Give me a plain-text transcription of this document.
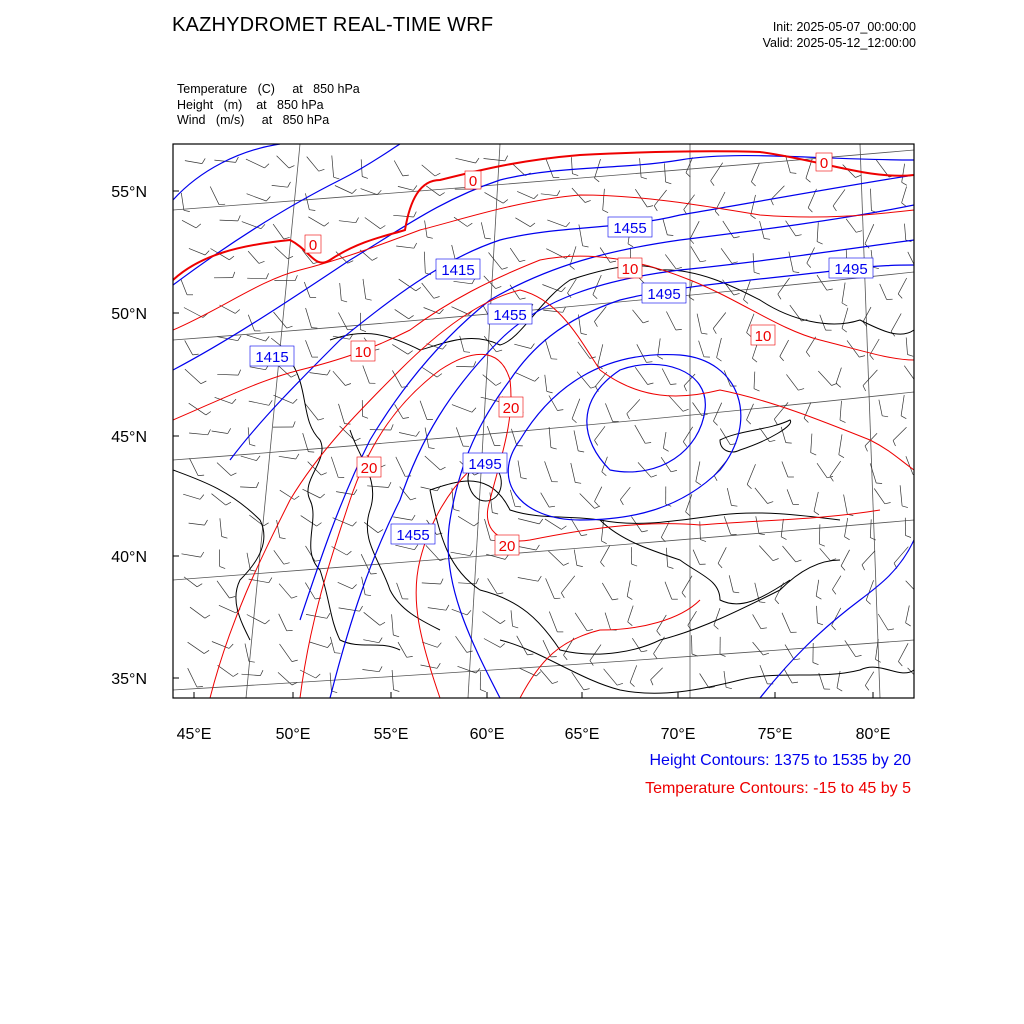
KAZHYDROMET REAL-TIME WRF	Init: 2025-05-07_00:00:00
Valid: 2025-05-12_12:00:00
Temperature (C) at   850 hPa
Height (m) at   850 hPa
Wind (m/s) at   850 hPa
1415
1415
1455
1455
1495
1495
1495
1455
0
0
0
10
10
10
20
20
20
45°E	50°E	55°E	60°E	65°E	70°E	75°E	80°E
35°N
40°N
45°N
50°N
55°N
Height Contours: 1375 to 1535 by 20
Temperature Contours: -15 to 45 by 5
